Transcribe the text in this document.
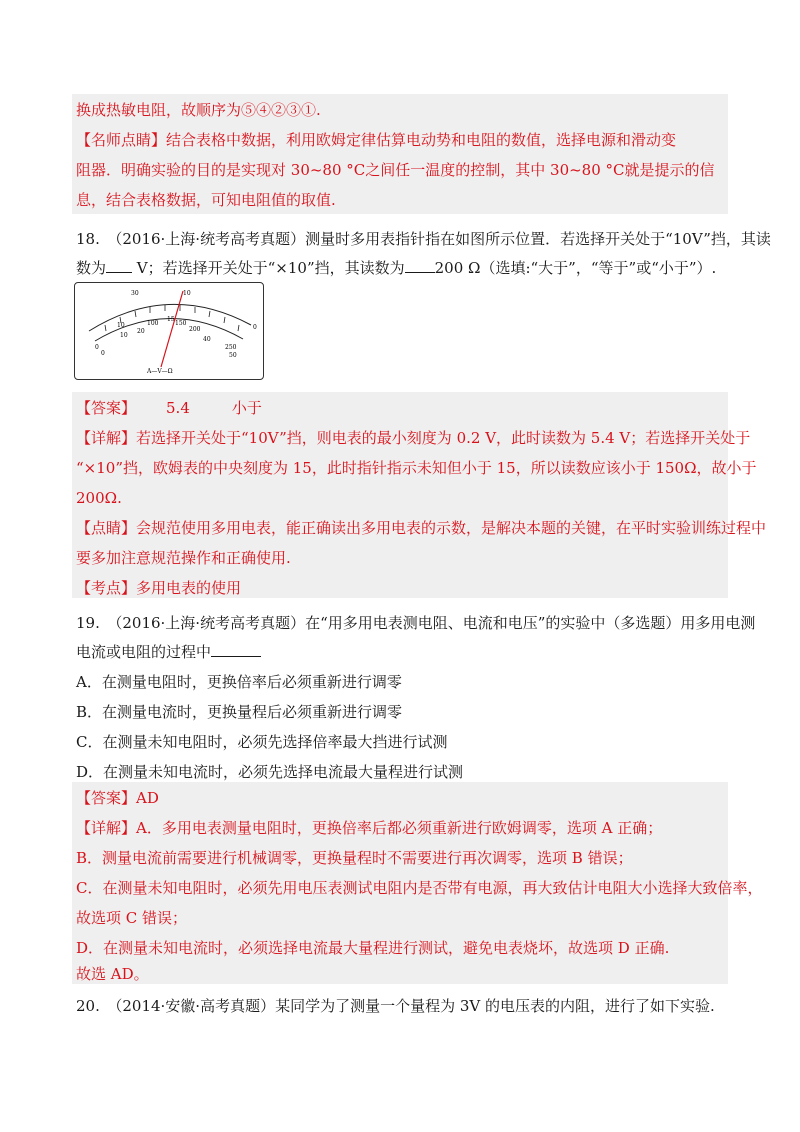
换成热敏电阻，故顺序为⑤④②③①.
【名师点睛】结合表格中数据，利用欧姆定律估算电动势和电阻的数值，选择电源和滑动变
阻器．明确实验的目的是实现对 30~80 °C之间任一温度的控制，其中 30~80 °C就是提示的信
息，结合表格数据，可知电阻值的取值.
18.　（2016·上海·统考高考真题）测量时多用表指针指在如图所示位置．若选择开关处于“10V”挡，其读
数为 V；若选择开关处于“×10”挡，其读数为 200 Ω（选填:“大于”，“等于”或“小于”）.
30	10
0
0
10
20
100	150
200
250
40
50
10
15
0
A—V—Ω
【答案】 5.4	小于
【详解】若选择开关处于“10V”挡，则电表的最小刻度为 0.2 V，此时读数为 5.4 V；若选择开关处于
“×10”挡，欧姆表的中央刻度为 15，此时指针指示未知但小于 15，所以读数应该小于 150Ω，故小于
200Ω.
【点睛】会规范使用多用电表，能正确读出多用电表的示数，是解决本题的关键，在平时实验训练过程中
要多加注意规范操作和正确使用.
【考点】多用电表的使用
19.　（2016·上海·统考高考真题）在“用多用电表测电阻、电流和电压”的实验中（多选题）用多用电测
电流或电阻的过程中
A．在测量电阻时，更换倍率后必须重新进行调零
B．在测量电流时，更换量程后必须重新进行调零
C．在测量未知电阻时，必须先选择倍率最大挡进行试测
D．在测量未知电流时，必须先选择电流最大量程进行试测
【答案】AD
【详解】A．多用电表测量电阻时，更换倍率后都必须重新进行欧姆调零，选项 A 正确；
B．测量电流前需要进行机械调零，更换量程时不需要进行再次调零，选项 B 错误；
C．在测量未知电阻时，必须先用电压表测试电阻内是否带有电源，再大致估计电阻大小选择大致倍率，
故选项 C 错误；
D．在测量未知电流时，必须选择电流最大量程进行测试，避免电表烧坏，故选项 D 正确.
故选 AD。
20.　（2014·安徽·高考真题）某同学为了测量一个量程为 3V 的电压表的内阻，进行了如下实验.
